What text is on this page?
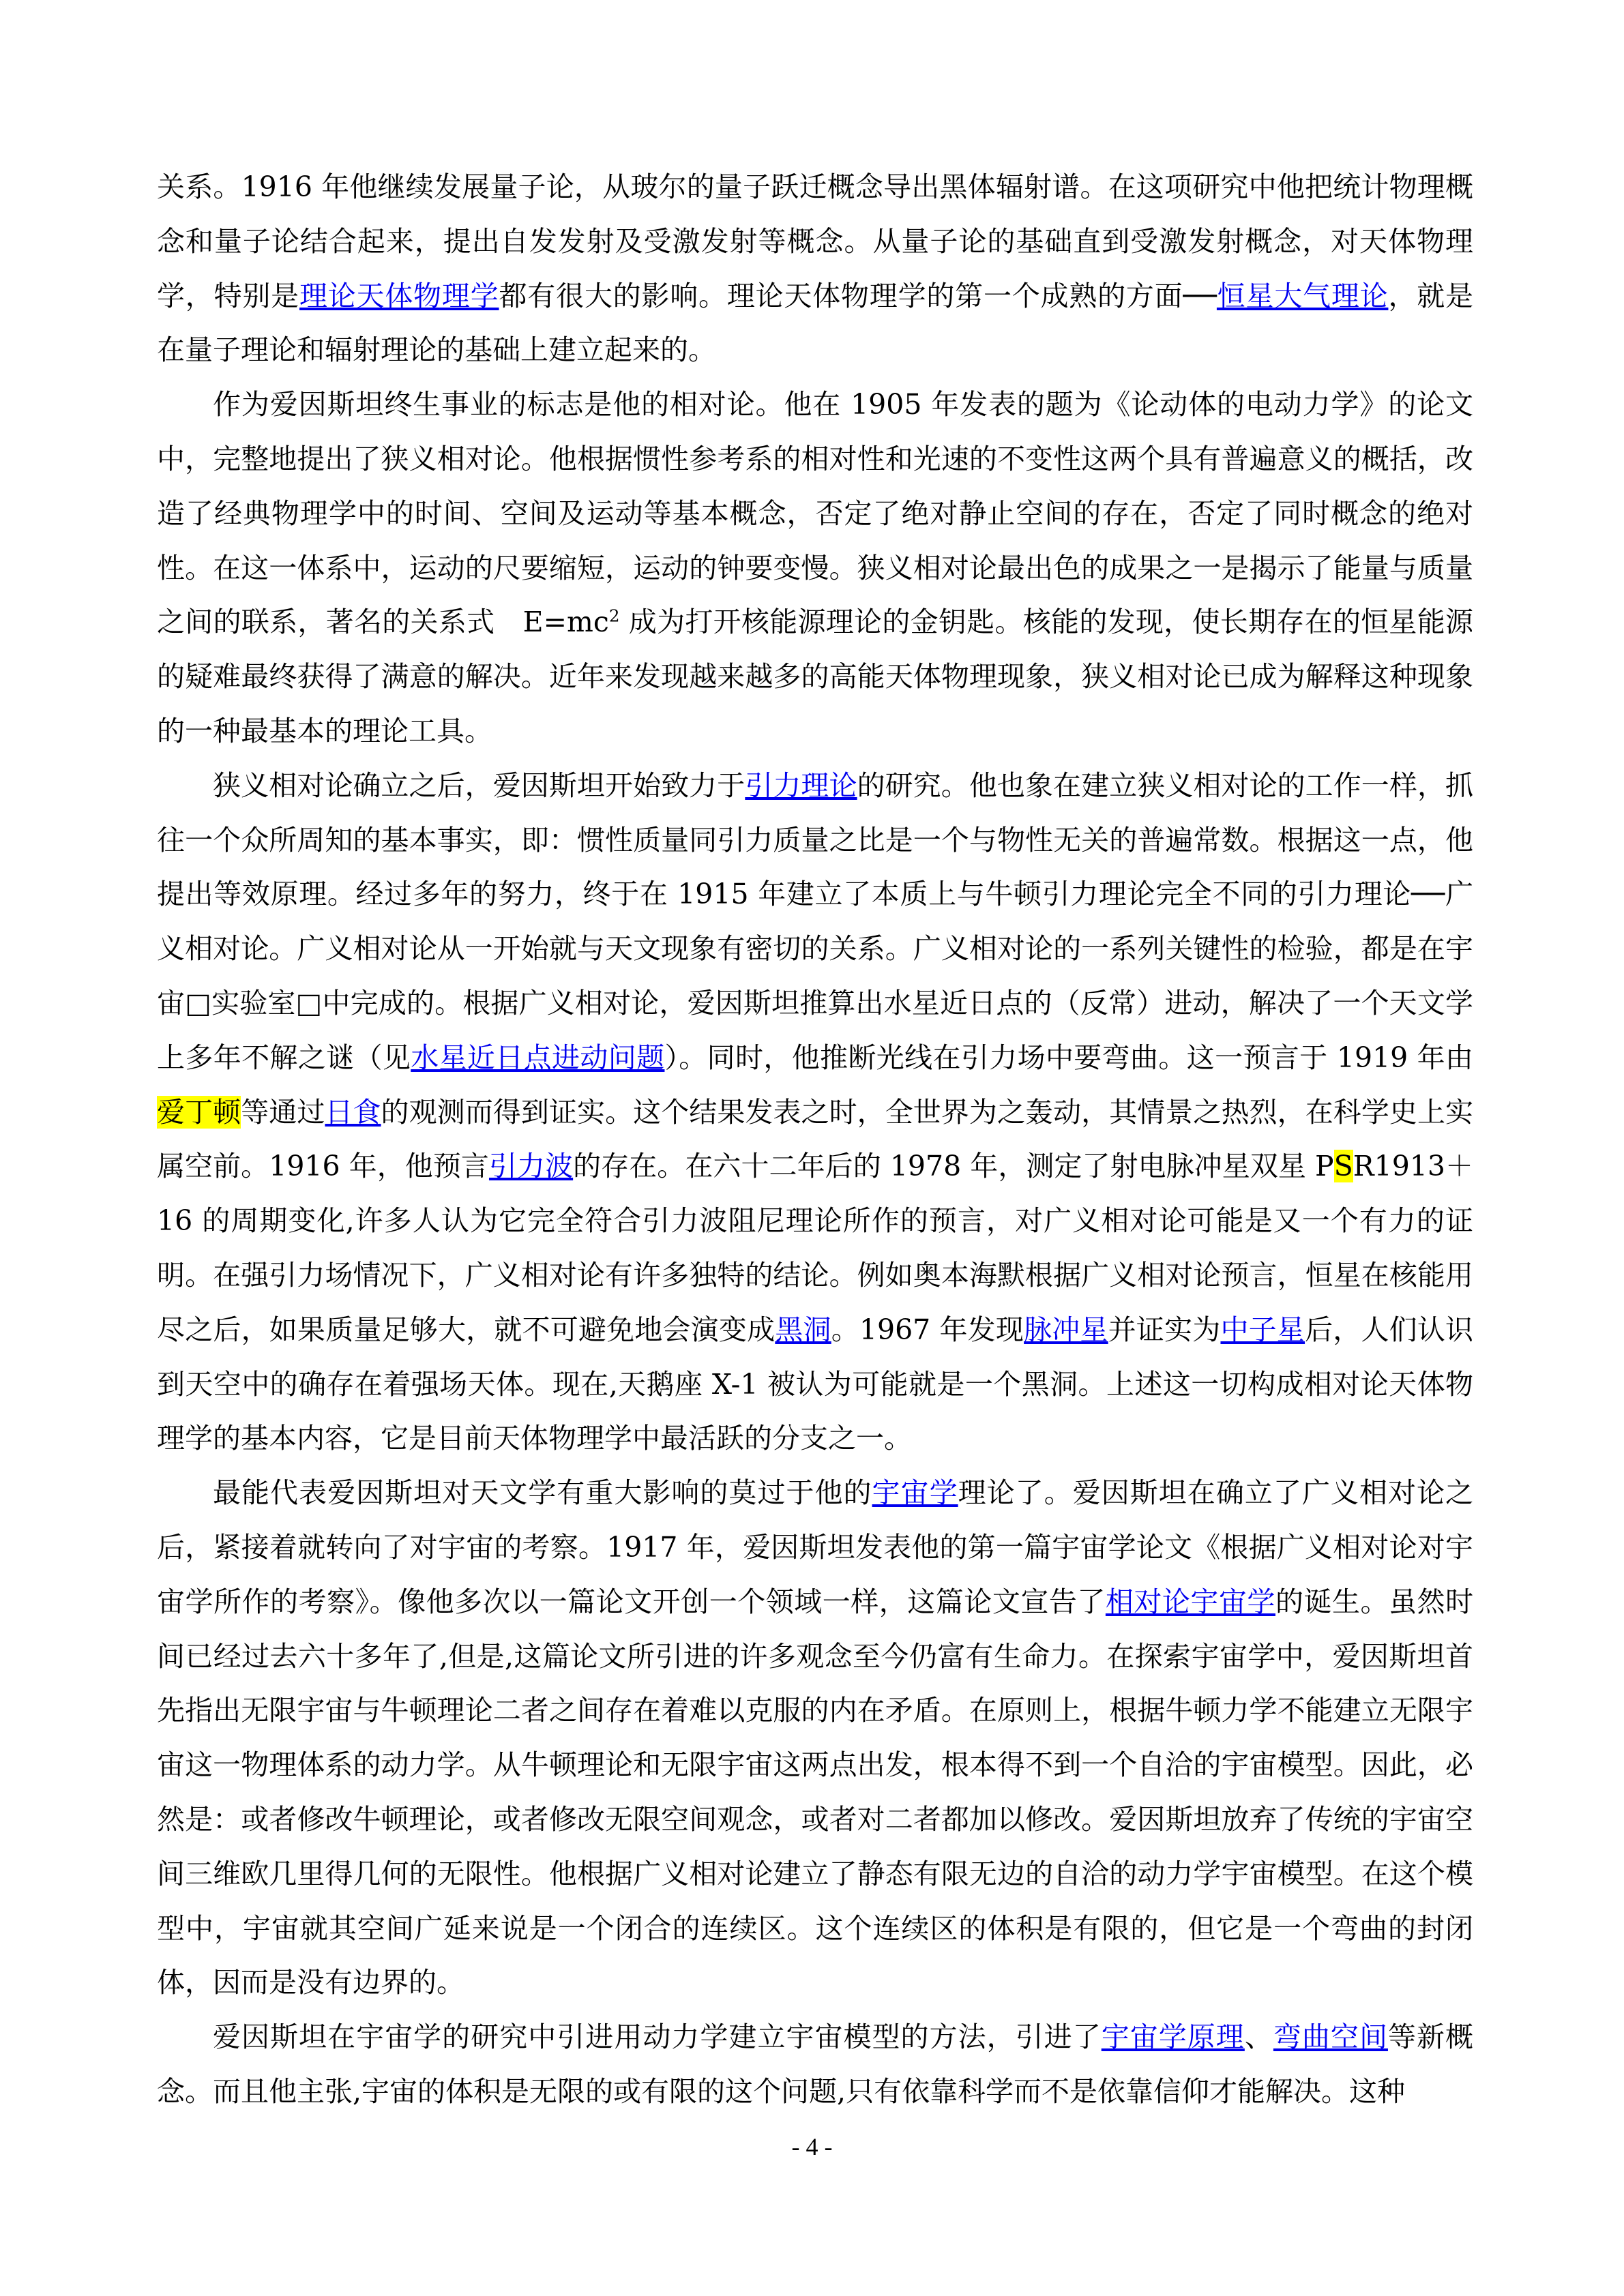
关系。1916 年他继续发展量子论，从玻尔的量子跃迁概念导出黑体辐射谱。在这项研究中他把统计物理概念和量子论结合起来，提出自发发射及受激发射等概念。从量子论的基础直到受激发射概念，对天体物理学，特别是理论天体物理学都有很大的影响。理论天体物理学的第一个成熟的方面──恒星大气理论，就是在量子理论和辐射理论的基础上建立起来的。

作为爱因斯坦终生事业的标志是他的相对论。他在 1905 年发表的题为《论动体的电动力学》的论文中，完整地提出了狭义相对论。他根据惯性参考系的相对性和光速的不变性这两个具有普遍意义的概括，改造了经典物理学中的时间、空间及运动等基本概念，否定了绝对静止空间的存在，否定了同时概念的绝对性。在这一体系中，运动的尺要缩短，运动的钟要变慢。狭义相对论最出色的成果之一是揭示了能量与质量之间的联系，著名的关系式　$E=mc^2$ 成为打开核能源理论的金钥匙。核能的发现，使长期存在的恒星能源的疑难最终获得了满意的解决。近年来发现越来越多的高能天体物理现象，狭义相对论已成为解释这种现象的一种最基本的理论工具。

狭义相对论确立之后，爱因斯坦开始致力于引力理论的研究。他也象在建立狭义相对论的工作一样，抓往一个众所周知的基本事实，即：惯性质量同引力质量之比是一个与物性无关的普遍常数。根据这一点，他提出等效原理。经过多年的努力，终于在 1915 年建立了本质上与牛顿引力理论完全不同的引力理论──广义相对论。广义相对论从一开始就与天文现象有密切的关系。广义相对论的一系列关键性的检验，都是在宇宙□实验室□中完成的。根据广义相对论，爱因斯坦推算出水星近日点的（反常）进动，解决了一个天文学上多年不解之谜（见水星近日点进动问题）。同时，他推断光线在引力场中要弯曲。这一预言于 1919 年由爱丁顿等通过日食的观测而得到证实。这个结果发表之时，全世界为之轰动，其情景之热烈，在科学史上实属空前。1916 年，他预言引力波的存在。在六十二年后的 1978 年，测定了射电脉冲星双星 PSR1913＋16 的周期变化,许多人认为它完全符合引力波阻尼理论所作的预言，对广义相对论可能是又一个有力的证明。在强引力场情况下，广义相对论有许多独特的结论。例如奥本海默根据广义相对论预言，恒星在核能用尽之后，如果质量足够大，就不可避免地会演变成黑洞。1967 年发现脉冲星并证实为中子星后，人们认识到天空中的确存在着强场天体。现在,天鹅座 X-1 被认为可能就是一个黑洞。上述这一切构成相对论天体物理学的基本内容，它是目前天体物理学中最活跃的分支之一。

最能代表爱因斯坦对天文学有重大影响的莫过于他的宇宙学理论了。爱因斯坦在确立了广义相对论之后，紧接着就转向了对宇宙的考察。1917 年，爱因斯坦发表他的第一篇宇宙学论文《根据广义相对论对宇宙学所作的考察》。像他多次以一篇论文开创一个领域一样，这篇论文宣告了相对论宇宙学的诞生。虽然时间已经过去六十多年了,但是,这篇论文所引进的许多观念至今仍富有生命力。在探索宇宙学中，爱因斯坦首先指出无限宇宙与牛顿理论二者之间存在着难以克服的内在矛盾。在原则上，根据牛顿力学不能建立无限宇宙这一物理体系的动力学。从牛顿理论和无限宇宙这两点出发，根本得不到一个自洽的宇宙模型。因此，必然是：或者修改牛顿理论，或者修改无限空间观念，或者对二者都加以修改。爱因斯坦放弃了传统的宇宙空间三维欧几里得几何的无限性。他根据广义相对论建立了静态有限无边的自洽的动力学宇宙模型。在这个模型中，宇宙就其空间广延来说是一个闭合的连续区。这个连续区的体积是有限的，但它是一个弯曲的封闭体，因而是没有边界的。

爱因斯坦在宇宙学的研究中引进用动力学建立宇宙模型的方法，引进了宇宙学原理、弯曲空间等新概念。而且他主张,宇宙的体积是无限的或有限的这个问题,只有依靠科学而不是依靠信仰才能解决。这种

- 4 -
